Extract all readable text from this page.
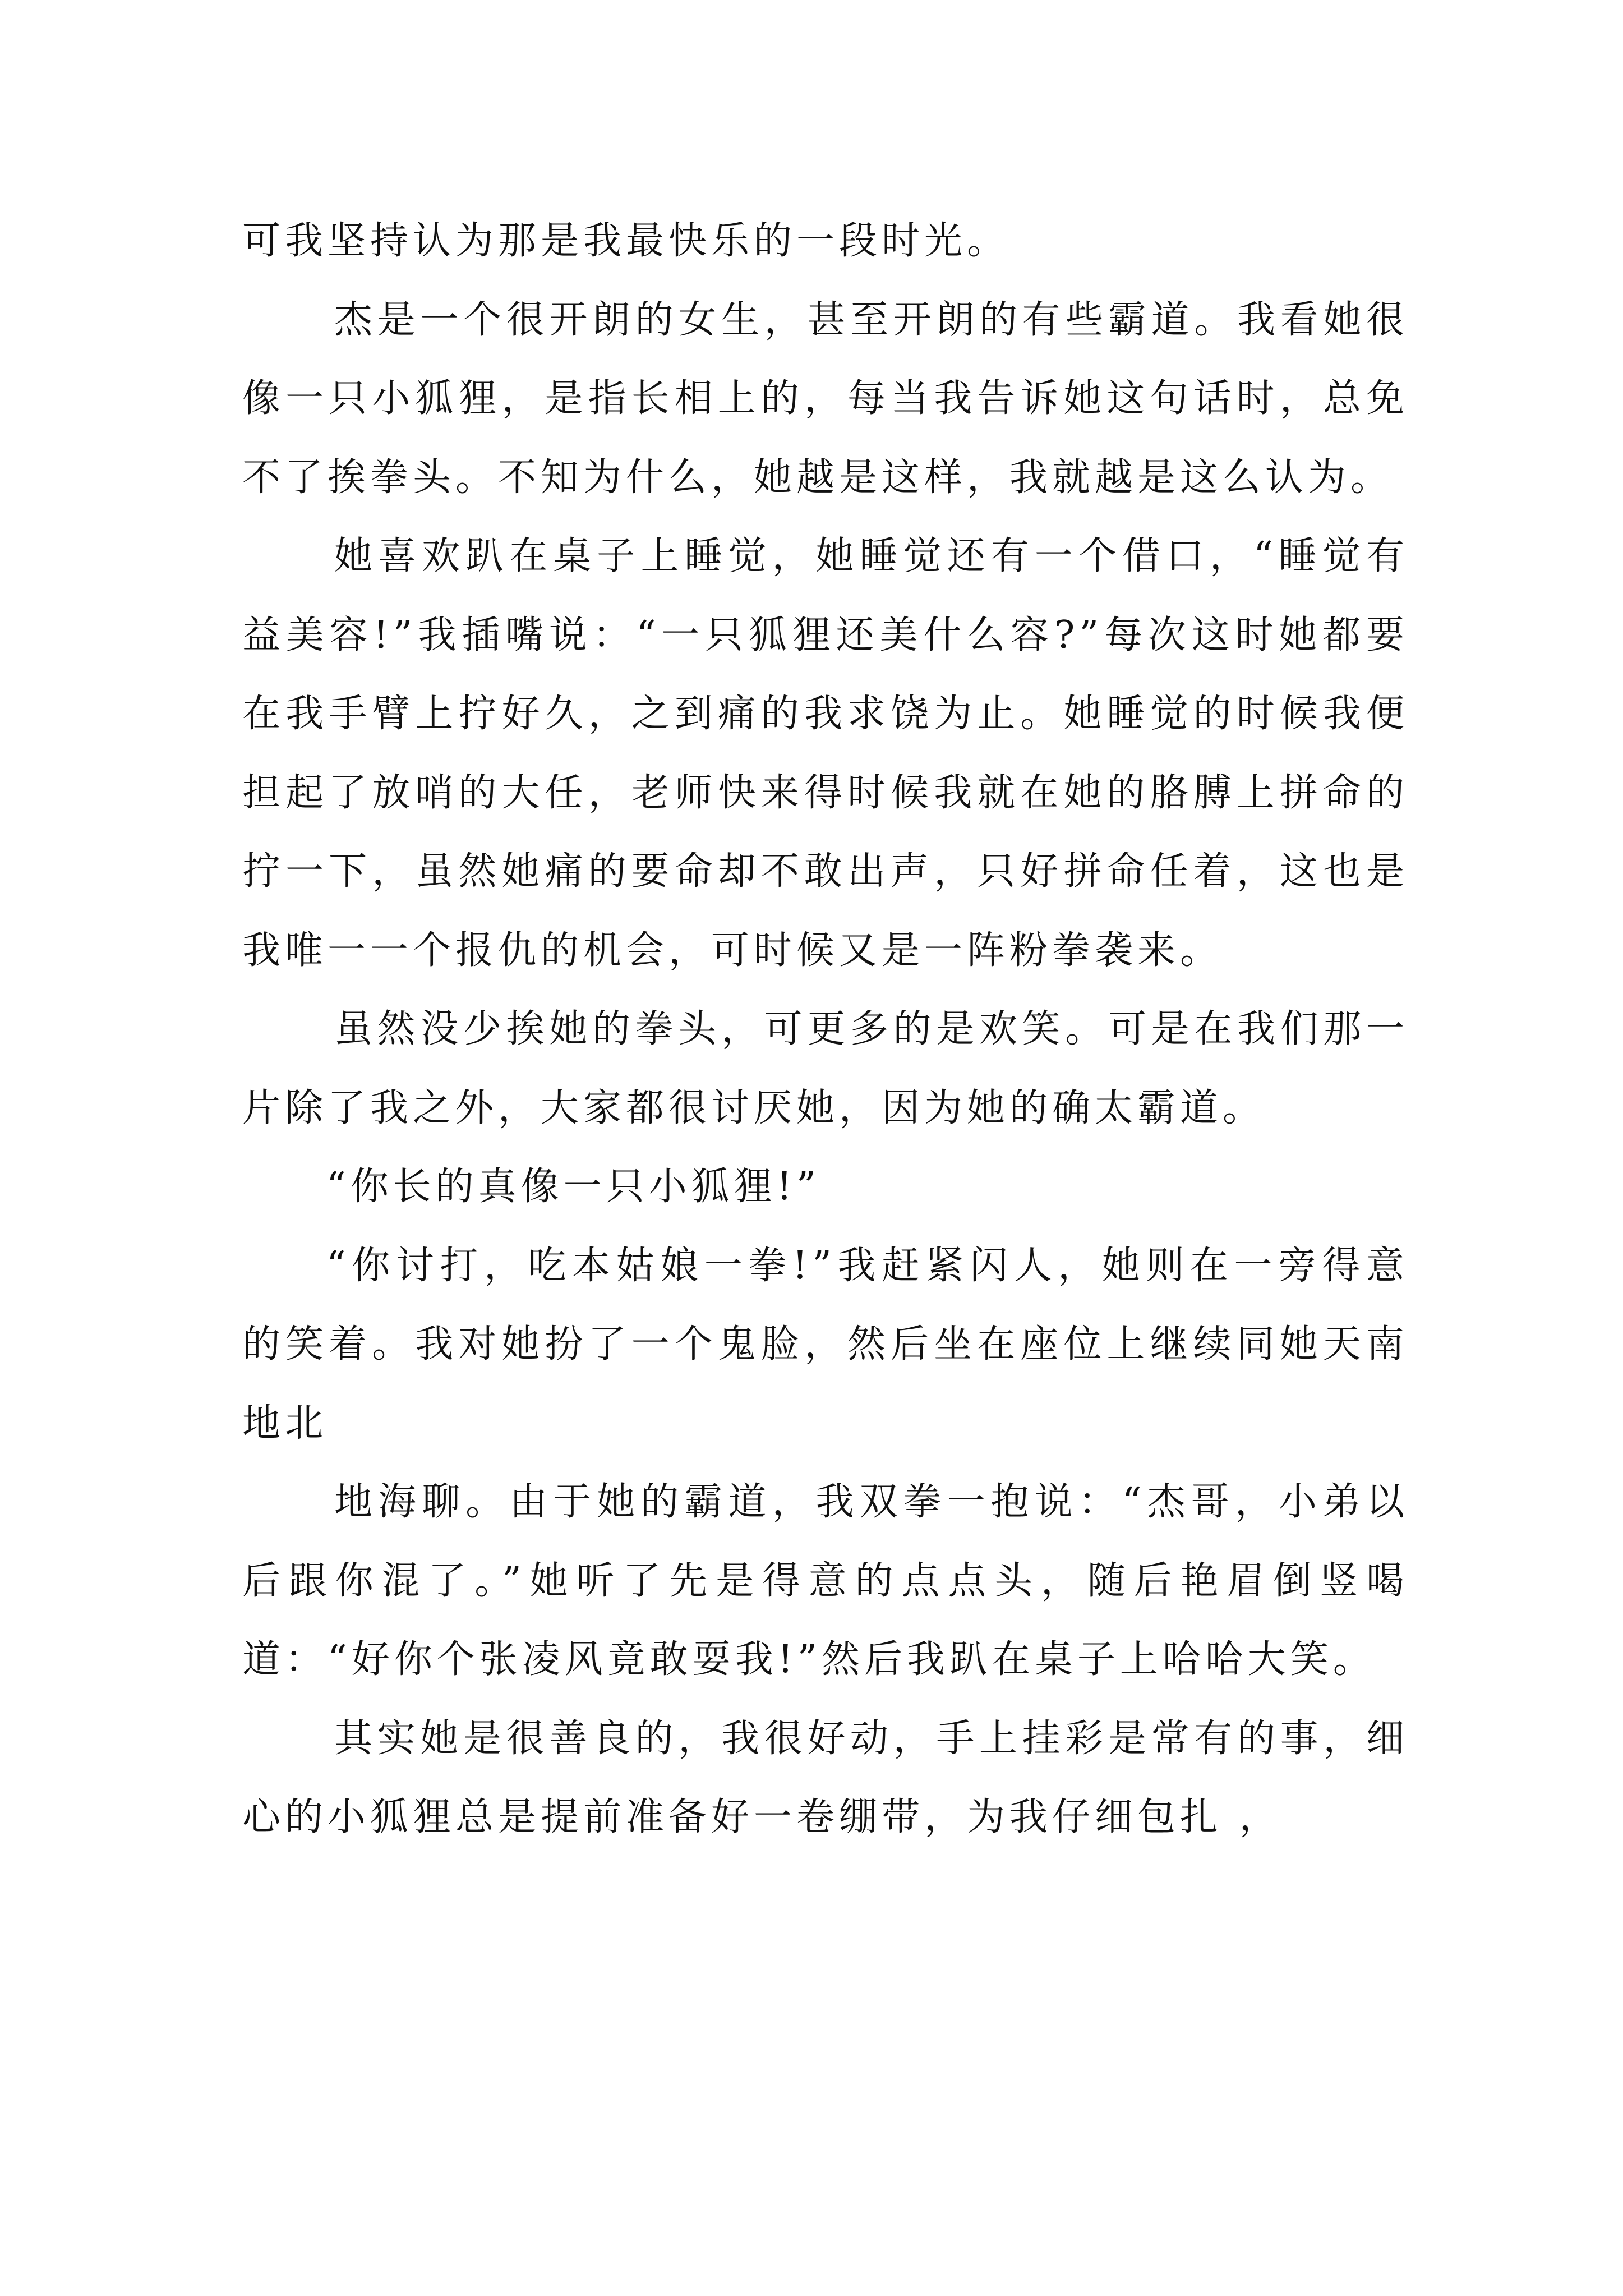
可我坚持认为那是我最快乐的一段时光。

杰是一个很开朗的女生，甚至开朗的有些霸道。我看她很像一只小狐狸，是指长相上的，每当我告诉她这句话时，总免不了挨拳头。不知为什么，她越是这样，我就越是这么认为。

她喜欢趴在桌子上睡觉，她睡觉还有一个借口，“睡觉有益美容!”我插嘴说：“一只狐狸还美什么容?”每次这时她都要在我手臂上拧好久，之到痛的我求饶为止。她睡觉的时候我便担起了放哨的大任，老师快来得时候我就在她的胳膊上拼命的拧一下，虽然她痛的要命却不敢出声，只好拼命任着，这也是我唯一一个报仇的机会，可时候又是一阵粉拳袭来。

虽然没少挨她的拳头，可更多的是欢笑。可是在我们那一片除了我之外，大家都很讨厌她，因为她的确太霸道。

“你长的真像一只小狐狸!”

“你讨打，吃本姑娘一拳!”我赶紧闪人，她则在一旁得意的笑着。我对她扮了一个鬼脸，然后坐在座位上继续同她天南地北

地海聊。由于她的霸道，我双拳一抱说：“杰哥，小弟以后跟你混了。”她听了先是得意的点点头，随后艳眉倒竖喝道：“好你个张凌风竟敢耍我!”然后我趴在桌子上哈哈大笑。

其实她是很善良的，我很好动，手上挂彩是常有的事，细心的小狐狸总是提前准备好一卷绷带，为我仔细包扎 ，
